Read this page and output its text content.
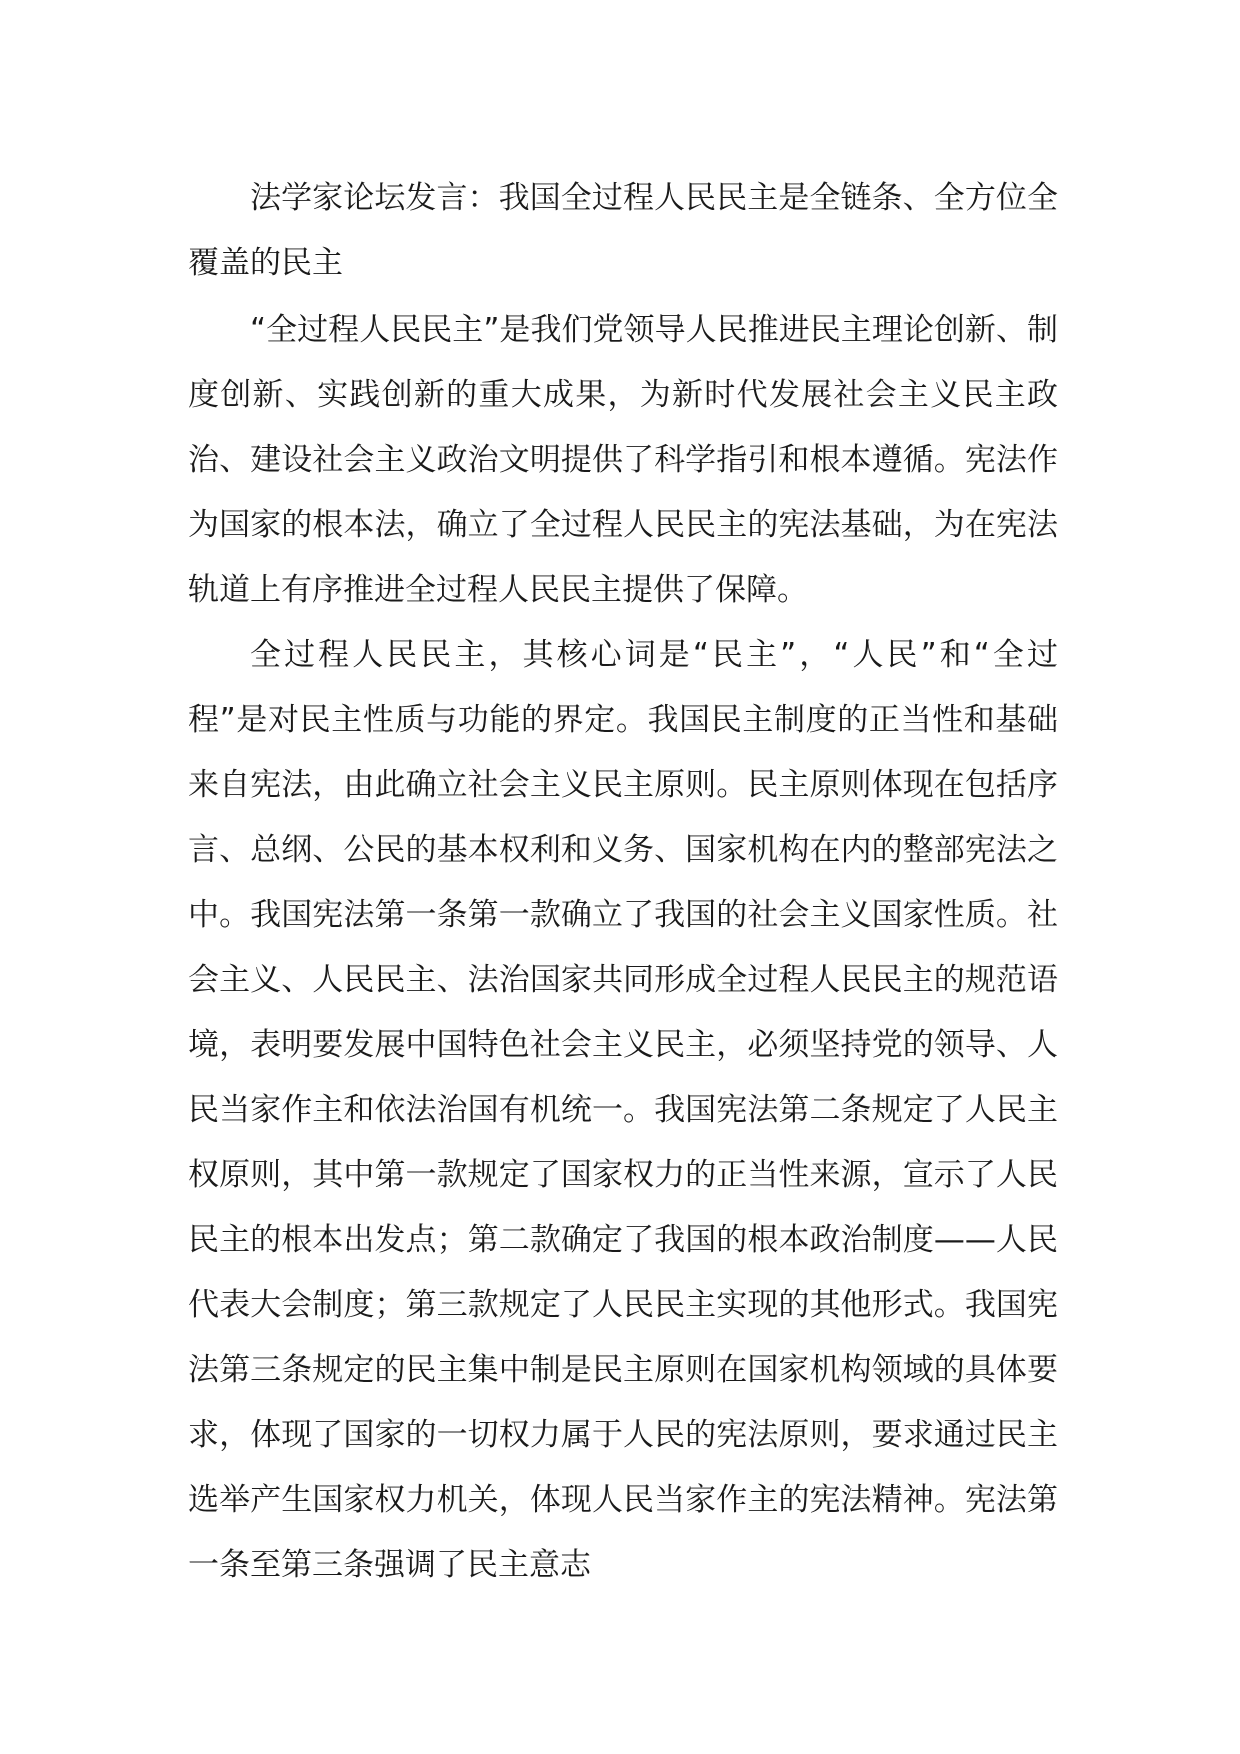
法学家论坛发言：我国全过程人民民主是全链条、全方位全覆盖的民主

“全过程人民民主”是我们党领导人民推进民主理论创新、制度创新、实践创新的重大成果，为新时代发展社会主义民主政治、建设社会主义政治文明提供了科学指引和根本遵循。宪法作为国家的根本法，确立了全过程人民民主的宪法基础，为在宪法轨道上有序推进全过程人民民主提供了保障。

全过程人民民主，其核心词是“民主”，“人民”和“全过程”是对民主性质与功能的界定。我国民主制度的正当性和基础来自宪法，由此确立社会主义民主原则。民主原则体现在包括序言、总纲、公民的基本权利和义务、国家机构在内的整部宪法之中。我国宪法第一条第一款确立了我国的社会主义国家性质。社会主义、人民民主、法治国家共同形成全过程人民民主的规范语境，表明要发展中国特色社会主义民主，必须坚持党的领导、人民当家作主和依法治国有机统一。我国宪法第二条规定了人民主权原则，其中第一款规定了国家权力的正当性来源，宣示了人民民主的根本出发点；第二款确定了我国的根本政治制度——人民代表大会制度；第三款规定了人民民主实现的其他形式。我国宪法第三条规定的民主集中制是民主原则在国家机构领域的具体要求，体现了国家的一切权力属于人民的宪法原则，要求通过民主选举产生国家权力机关，体现人民当家作主的宪法精神。宪法第一条至第三条强调了民主意志
